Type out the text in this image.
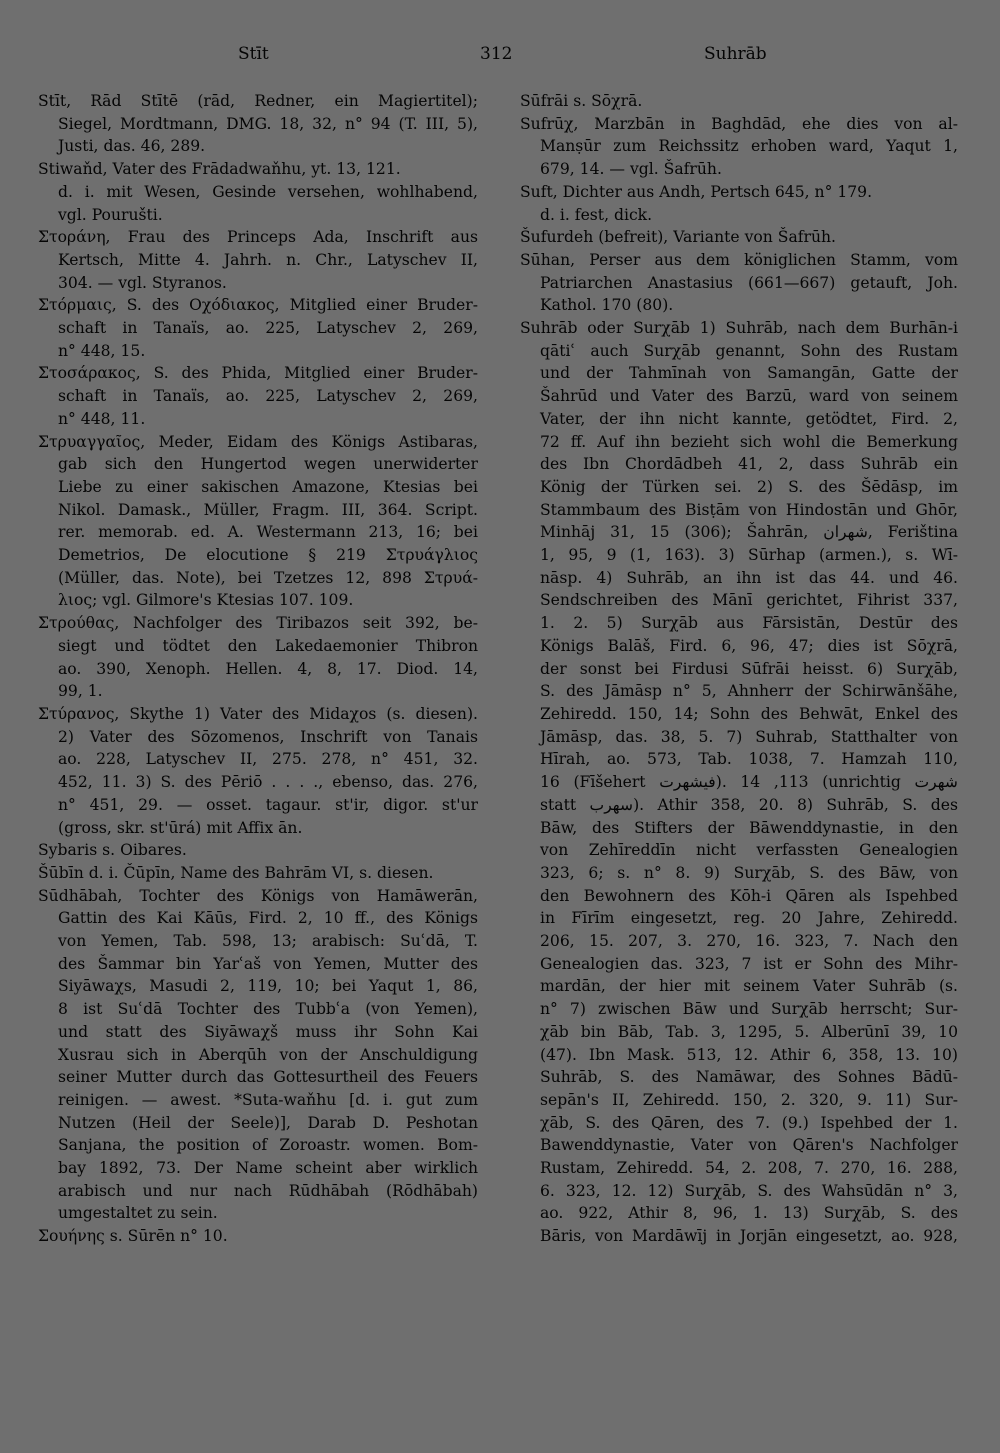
Stīt	312	Suhrāb
Stīt, Rād Stītē (rād, Redner, ein Magiertitel);
Siegel, Mordtmann, DMG. 18, 32, n° 94 (T. III, 5),
Justi, das. 46, 289.
Stiwaňd, Vater des Frādadwaňhu, yt. 13, 121.
d. i. mit Wesen, Gesinde versehen, wohlhabend,
vgl. Pourušti.
Στοράνη, Frau des Princeps Ada, Inschrift aus
Kertsch, Mitte 4. Jahrh. n. Chr., Latyschev II,
304. — vgl. Styranos.
Στόρμαις, S. des Οχόδιακος, Mitglied einer Bruder-
schaft in Tanaïs, ao. 225, Latyschev 2, 269,
n° 448, 15.
Στοσάρακος, S. des Phida, Mitglied einer Bruder-
schaft in Tanaïs, ao. 225, Latyschev 2, 269,
n° 448, 11.
Στρυαγγαῖος, Meder, Eidam des Königs Astibaras,
gab sich den Hungertod wegen unerwiderter
Liebe zu einer sakischen Amazone, Ktesias bei
Nikol. Damask., Müller, Fragm. III, 364. Script.
rer. memorab. ed. A. Westermann 213, 16; bei
Demetrios, De elocutione § 219 Στρυάγλιος
(Müller, das. Note), bei Tzetzes 12, 898 Στρυά-
λιος; vgl. Gilmore's Ktesias 107. 109.
Στρούθας, Nachfolger des Tiribazos seit 392, be-
siegt und tödtet den Lakedaemonier Thibron
ao. 390, Xenoph. Hellen. 4, 8, 17. Diod. 14,
99, 1.
Στύρανος, Skythe 1) Vater des Midaχos (s. diesen).
2) Vater des Sōzomenos, Inschrift von Tanais
ao. 228, Latyschev II, 275. 278, n° 451, 32.
452, 11. 3) S. des Pēriō . . . ., ebenso, das. 276,
n° 451, 29. — osset. tagaur. st'ir, digor. st'ur
(gross, skr. st'ūrá) mit Affix ān.
Sybaris s. Oibares.
Šūbīn d. i. Čūpīn, Name des Bahrām VI, s. diesen.
Sūdhābah, Tochter des Königs von Hamāwerān,
Gattin des Kai Kāūs, Fird. 2, 10 ff., des Königs
von Yemen, Tab. 598, 13; arabisch: Suʿdā, T.
des Šammar bin Yarʿaš von Yemen, Mutter des
Siyāwaχs, Masudi 2, 119, 10; bei Yaqut 1, 86,
8 ist Suʿdā Tochter des Tubbʿa (von Yemen),
und statt des Siyāwaχš muss ihr Sohn Kai
Xusrau sich in Aberqūh von der Anschuldigung
seiner Mutter durch das Gottesurtheil des Feuers
reinigen. — awest. *Suta-waňhu [d. i. gut zum
Nutzen (Heil der Seele)], Darab D. Peshotan
Sanjana, the position of Zoroastr. women. Bom-
bay 1892, 73. Der Name scheint aber wirklich
arabisch und nur nach Rūdhābah (Rōdhābah)
umgestaltet zu sein.
Σουήνης s. Sūrēn n° 10.
Sūfrāi s. Sōχrā.
Sufrūχ, Marzbān in Baghdād, ehe dies von al-
Manṣūr zum Reichssitz erhoben ward, Yaqut 1,
679, 14. — vgl. Šafrūh.
Suft, Dichter aus Andh, Pertsch 645, n° 179.
d. i. fest, dick.
Šufurdeh (befreit), Variante von Šafrūh.
Sūhan, Perser aus dem königlichen Stamm, vom
Patriarchen Anastasius (661—667) getauft, Joh.
Kathol. 170 (80).
Suhrāb oder Surχāb 1) Suhrāb, nach dem Burhān-i
qātiʿ auch Surχāb genannt, Sohn des Rustam
und der Tahmīnah von Samangān, Gatte der
Šahrūd und Vater des Barzū, ward von seinem
Vater, der ihn nicht kannte, getödtet, Fird. 2,
72 ff. Auf ihn bezieht sich wohl die Bemerkung
des Ibn Chordādbeh 41, 2, dass Suhrāb ein
König der Türken sei. 2) S. des Šēdāsp, im
Stammbaum des Bisṭām von Hindostān und Ghōr,
Minhāj 31, 15 (306); Šahrān, شهران, Feriština
1, 95, 9 (1, 163). 3) Sūrhap (armen.), s. Wī-
nāsp. 4) Suhrāb, an ihn ist das 44. und 46.
Sendschreiben des Mānī gerichtet, Fihrist 337,
1. 2. 5) Surχāb aus Fārsistān, Destūr des
Königs Balāš, Fird. 6, 96, 47; dies ist Sōχrā,
der sonst bei Firdusi Sūfrāi heisst. 6) Surχāb,
S. des Jāmāsp n° 5, Ahnherr der Schirwānšāhe,
Zehiredd. 150, 14; Sohn des Behwāt, Enkel des
Jāmāsp, das. 38, 5. 7) Suhrab, Statthalter von
Hīrah, ao. 573, Tab. 1038, 7. Hamzah 110,
16 (Fīšehert فيشهرت). 113, 14 (unrichtig شهرت
statt سهرب). Athir 358, 20. 8) Suhrāb, S. des
Bāw, des Stifters der Bāwenddynastie, in den
von Zehīreddīn nicht verfassten Genealogien
323, 6; s. n° 8. 9) Surχāb, S. des Bāw, von
den Bewohnern des Kōh-i Qāren als Ispehbed
in Fīrīm eingesetzt, reg. 20 Jahre, Zehiredd.
206, 15. 207, 3. 270, 16. 323, 7. Nach den
Genealogien das. 323, 7 ist er Sohn des Mihr-
mardān, der hier mit seinem Vater Suhrāb (s.
n° 7) zwischen Bāw und Surχāb herrscht; Sur-
χāb bin Bāb, Tab. 3, 1295, 5. Alberūnī 39, 10
(47). Ibn Mask. 513, 12. Athir 6, 358, 13. 10)
Suhrāb, S. des Namāwar, des Sohnes Bādū-
sepān's II, Zehiredd. 150, 2. 320, 9. 11) Sur-
χāb, S. des Qāren, des 7. (9.) Ispehbed der 1.
Bawenddynastie, Vater von Qāren's Nachfolger
Rustam, Zehiredd. 54, 2. 208, 7. 270, 16. 288,
6. 323, 12. 12) Surχāb, S. des Wahsūdān n° 3,
ao. 922, Athir 8, 96, 1. 13) Surχāb, S. des
Bāris, von Mardāwīj in Jorjān eingesetzt, ao. 928,
